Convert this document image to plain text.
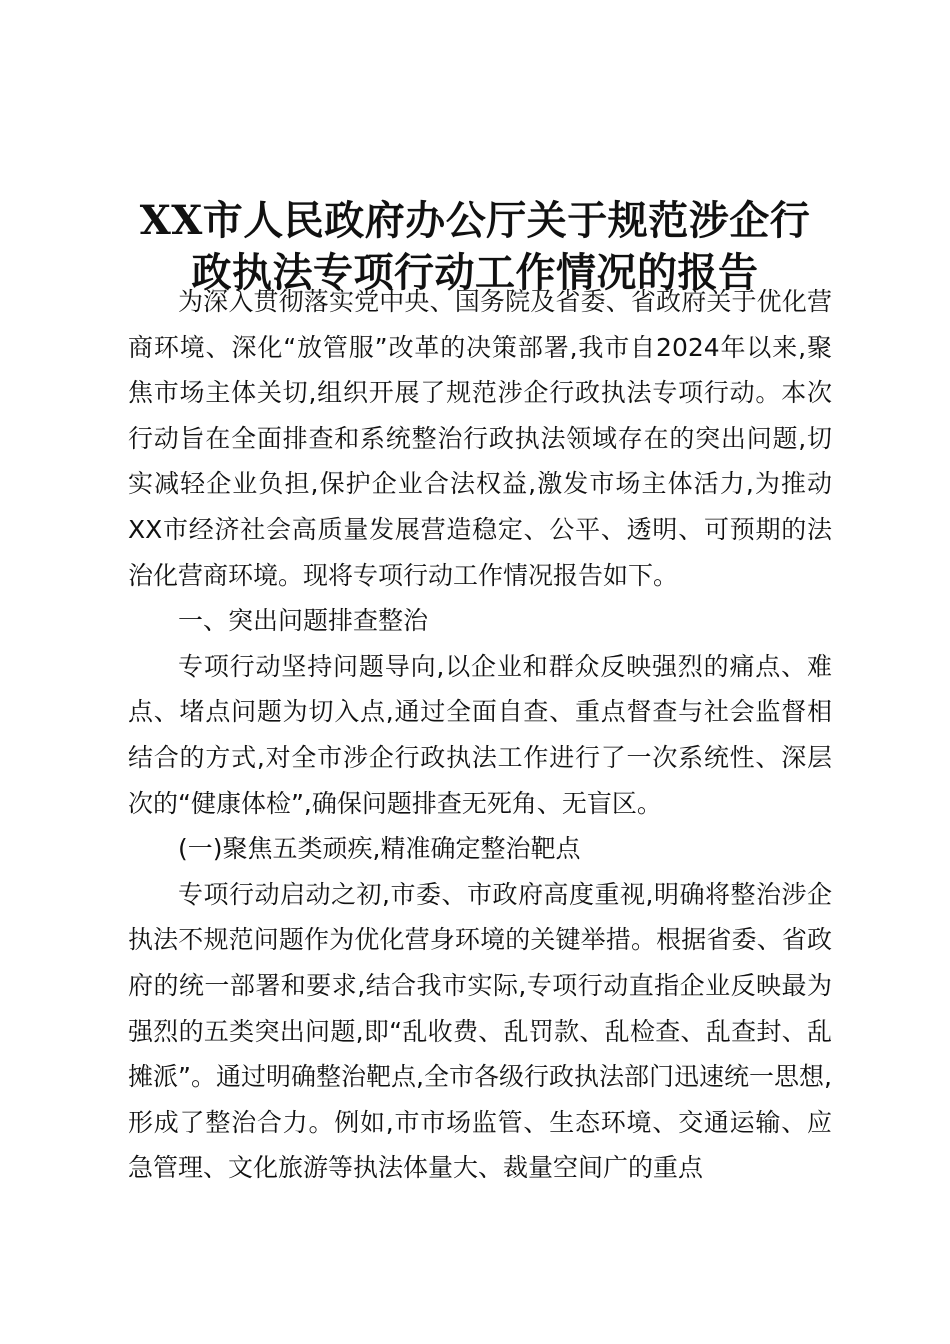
XX市人民政府办公厅关于规范涉企行
政执法专项行动工作情况的报告

为深入贯彻落实党中央、国务院及省委、省政府关于优化营商环境、深化“放管服”改革的决策部署,我市自2024年以来,聚焦市场主体关切,组织开展了规范涉企行政执法专项行动。本次行动旨在全面排查和系统整治行政执法领域存在的突出问题,切实减轻企业负担,保护企业合法权益,激发市场主体活力,为推动XX市经济社会高质量发展营造稳定、公平、透明、可预期的法治化营商环境。现将专项行动工作情况报告如下。

一、突出问题排查整治

专项行动坚持问题导向,以企业和群众反映强烈的痛点、难点、堵点问题为切入点,通过全面自查、重点督查与社会监督相结合的方式,对全市涉企行政执法工作进行了一次系统性、深层次的“健康体检”,确保问题排查无死角、无盲区。

(一)聚焦五类顽疾,精准确定整治靶点

专项行动启动之初,市委、市政府高度重视,明确将整治涉企执法不规范问题作为优化营身环境的关键举措。根据省委、省政府的统一部署和要求,结合我市实际,专项行动直指企业反映最为强烈的五类突出问题,即“乱收费、乱罚款、乱检查、乱查封、乱摊派”。通过明确整治靶点,全市各级行政执法部门迅速统一思想,形成了整治合力。例如,市市场监管、生态环境、交通运输、应急管理、文化旅游等执法体量大、裁量空间广的重点
